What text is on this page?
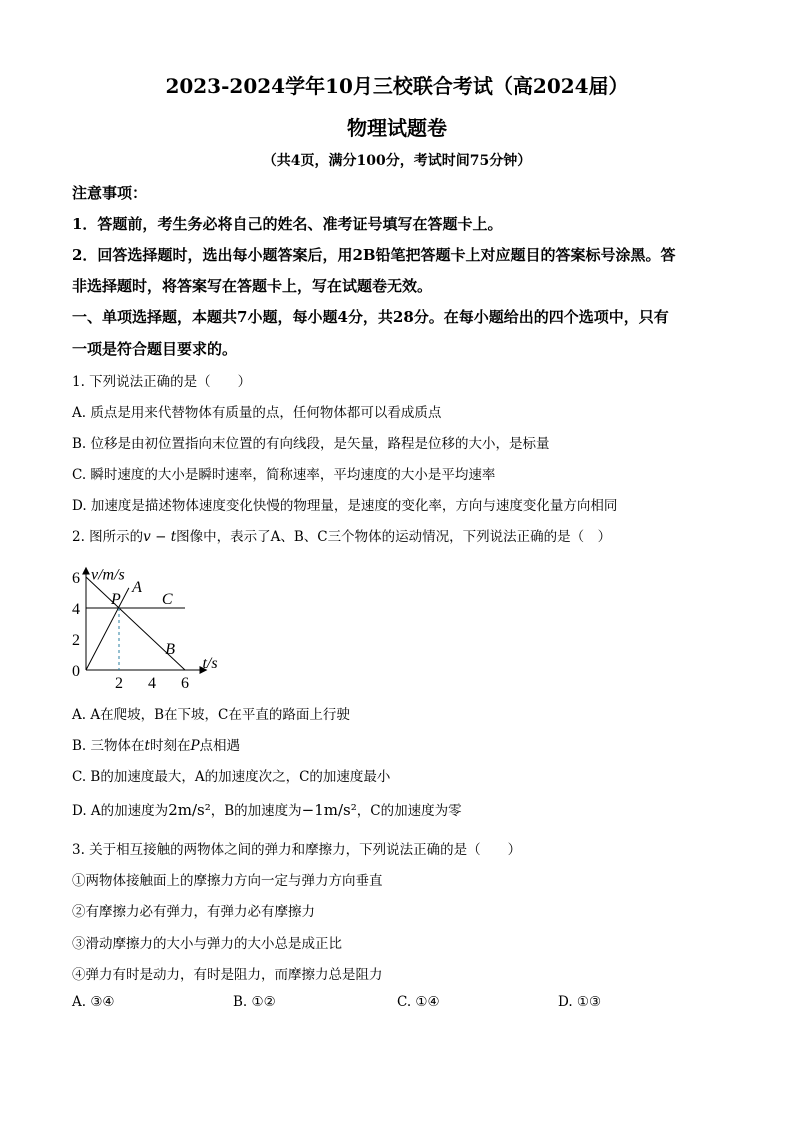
2023-2024学年10月三校联合考试（高2024届）
物理试题卷
（共4页，满分100分，考试时间75分钟）
注意事项：
1．答题前，考生务必将自己的姓名、准考证号填写在答题卡上。
2．回答选择题时，选出每小题答案后，用2B铅笔把答题卡上对应题目的答案标号涂黑。答
非选择题时，将答案写在答题卡上，写在试题卷无效。
一、单项选择题，本题共7小题，每小题4分，共28分。在每小题给出的四个选项中，只有
一项是符合题目要求的。
1. 下列说法正确的是（　　）
A. 质点是用来代替物体有质量的点，任何物体都可以看成质点
B. 位移是由初位置指向末位置的有向线段，是矢量，路程是位移的大小，是标量
C. 瞬时速度的大小是瞬时速率，简称速率，平均速度的大小是平均速率
D. 加速度是描述物体速度变化快慢的物理量，是速度的变化率，方向与速度变化量方向相同
2. 图所示的v − t图像中，表示了A、B、C三个物体的运动情况，下列说法正确的是（　）
v/m/s
t/s
6
4
2
0
2 4 6
P
A
B
C
A. A在爬坡，B在下坡，C在平直的路面上行驶
B. 三物体在t时刻在P点相遇
C. B的加速度最大，A的加速度次之，C的加速度最小
D. A的加速度为2m/s²，B的加速度为−1m/s²，C的加速度为零
3. 关于相互接触的两物体之间的弹力和摩擦力，下列说法正确的是（　　）
①两物体接触面上的摩擦力方向一定与弹力方向垂直
②有摩擦力必有弹力，有弹力必有摩擦力
③滑动摩擦力的大小与弹力的大小总是成正比
④弹力有时是动力，有时是阻力，而摩擦力总是阻力
A. ③④	B. ①②	C. ①④	D. ①③
